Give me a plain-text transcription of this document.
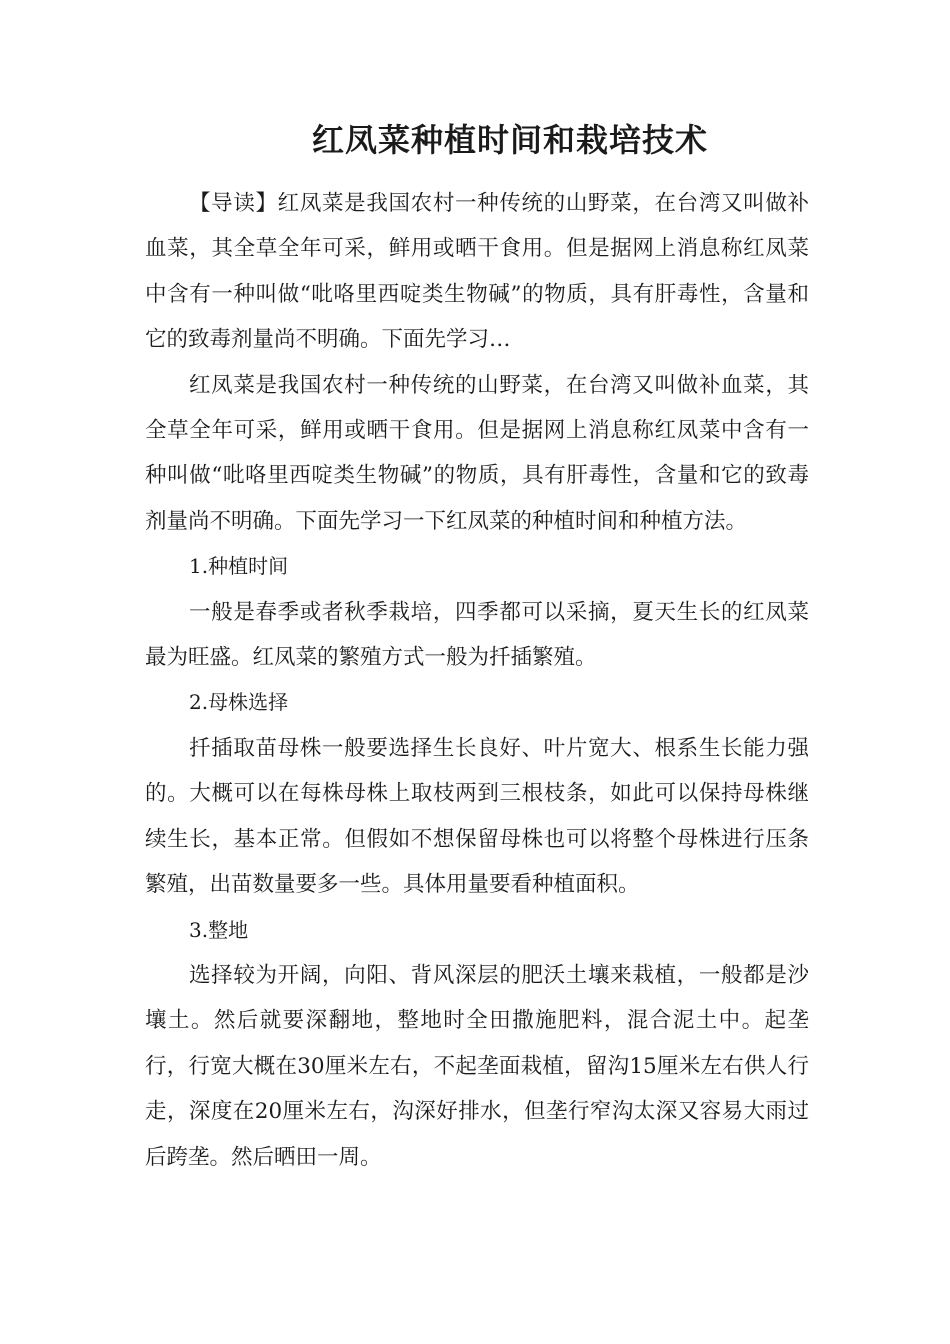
红凤菜种植时间和栽培技术

【导读】红凤菜是我国农村一种传统的山野菜，在台湾又叫做补血菜，其全草全年可采，鲜用或晒干食用。但是据网上消息称红凤菜中含有一种叫做“吡咯里西啶类生物碱”的物质，具有肝毒性，含量和它的致毒剂量尚不明确。下面先学习…

红凤菜是我国农村一种传统的山野菜，在台湾又叫做补血菜，其全草全年可采，鲜用或晒干食用。但是据网上消息称红凤菜中含有一种叫做“吡咯里西啶类生物碱”的物质，具有肝毒性，含量和它的致毒剂量尚不明确。下面先学习一下红凤菜的种植时间和种植方法。

1.种植时间

一般是春季或者秋季栽培，四季都可以采摘，夏天生长的红凤菜最为旺盛。红凤菜的繁殖方式一般为扦插繁殖。

2.母株选择

扦插取苗母株一般要选择生长良好、叶片宽大、根系生长能力强的。大概可以在每株母株上取枝两到三根枝条，如此可以保持母株继续生长，基本正常。但假如不想保留母株也可以将整个母株进行压条繁殖，出苗数量要多一些。具体用量要看种植面积。

3.整地

选择较为开阔，向阳、背风深层的肥沃土壤来栽植，一般都是沙壤土。然后就要深翻地，整地时全田撒施肥料，混合泥土中。起垄行，行宽大概在30厘米左右，不起垄面栽植，留沟15厘米左右供人行走，深度在20厘米左右，沟深好排水，但垄行窄沟太深又容易大雨过后跨垄。然后晒田一周。
